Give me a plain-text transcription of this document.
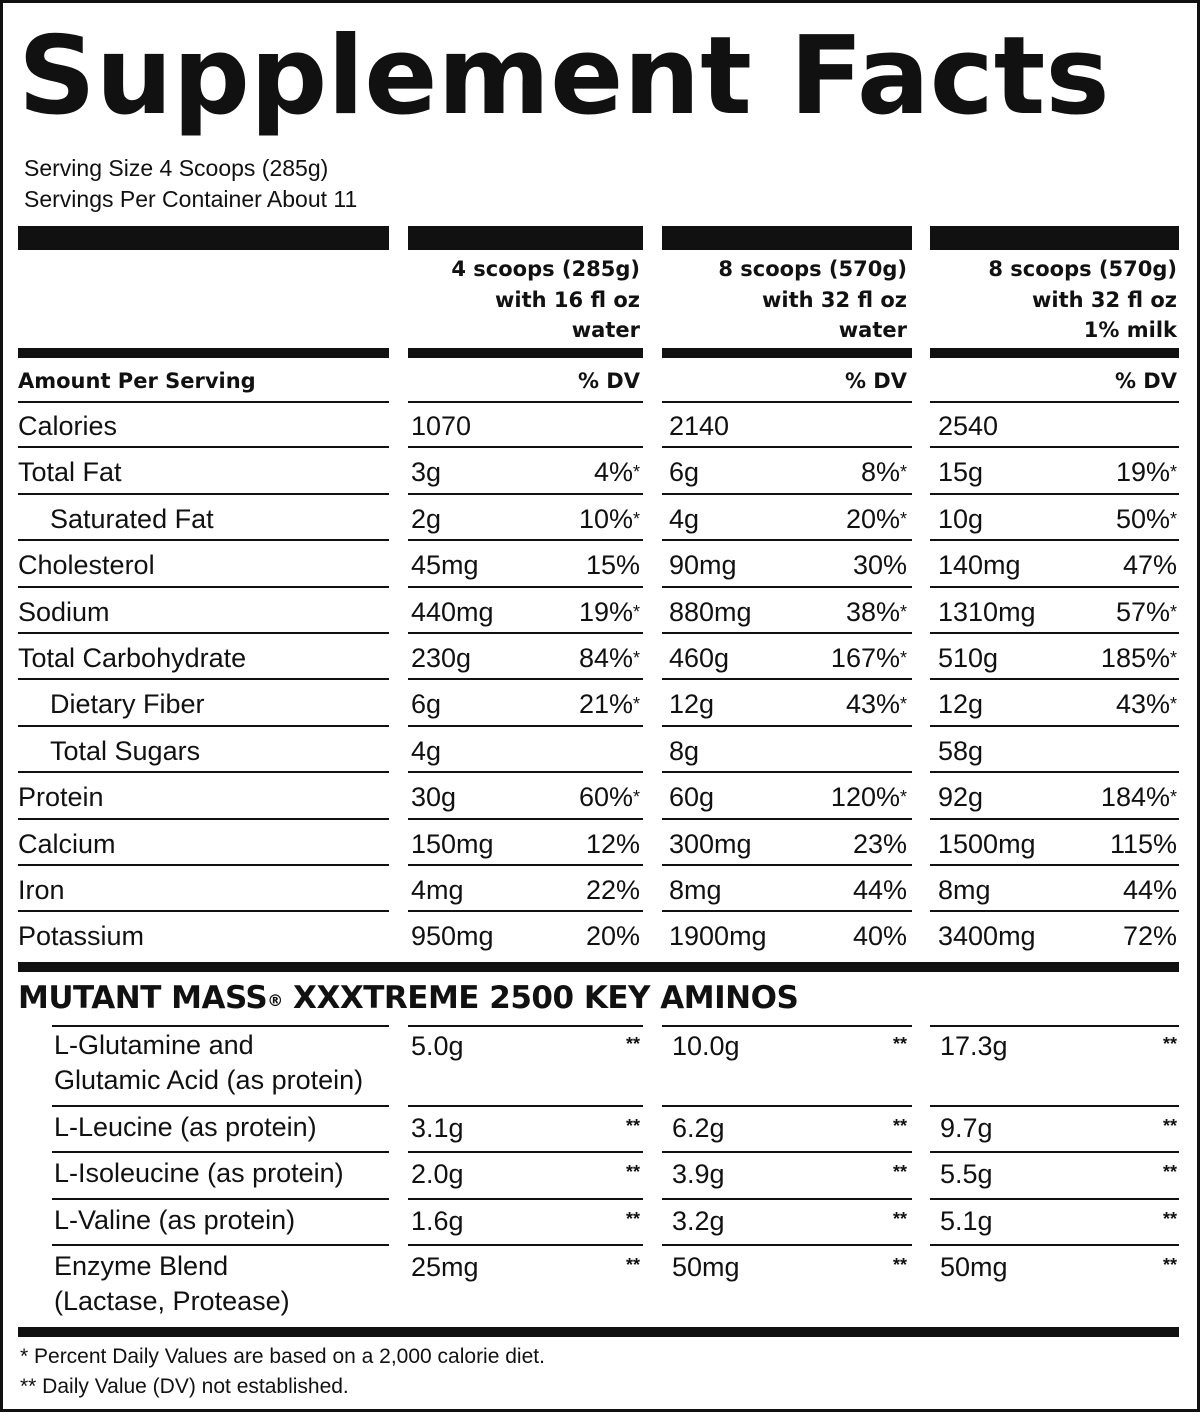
Supplement Facts
Serving Size 4 Scoops (285g)
Servings Per Container About 11
4 scoops (285g)
with 16 fl oz
water
8 scoops (570g)
with 32 fl oz
water
8 scoops (570g)
with 32 fl oz
1% milk
Amount Per Serving	% DV	% DV	% DV
Calories	1070	2140	2540
Total Fat	3g	4%* 6g	8%* 15g	19%*
Saturated Fat	2g	10%* 4g	20%* 10g	50%*
Cholesterol	45mg	15% 90mg	30% 140mg	47%
Sodium	440mg	19%* 880mg	38%* 1310mg	57%*
Total Carbohydrate	230g	84%* 460g	167%* 510g	185%*
Dietary Fiber	6g	21%* 12g	43%* 12g	43%*
Total Sugars	4g	8g	58g
Protein	30g	60%* 60g	120%* 92g	184%*
Calcium	150mg	12% 300mg	23% 1500mg	115%
Iron	4mg	22% 8mg	44% 8mg	44%
Potassium	950mg	20% 1900mg	40% 3400mg	72%
MUTANT MASS® XXXTREME 2500 KEY AMINOS
L-Glutamine and
Glutamic Acid (as protein)
5.0g	** 10.0g	** 17.3g	**
L-Leucine (as protein)	3.1g	** 6.2g	** 9.7g	**
L-Isoleucine (as protein)	2.0g	** 3.9g	** 5.5g	**
L-Valine (as protein)	1.6g	** 3.2g	** 5.1g	**
Enzyme Blend
(Lactase, Protease)
25mg	** 50mg	** 50mg	**
* Percent Daily Values are based on a 2,000 calorie diet.
** Daily Value (DV) not established.
